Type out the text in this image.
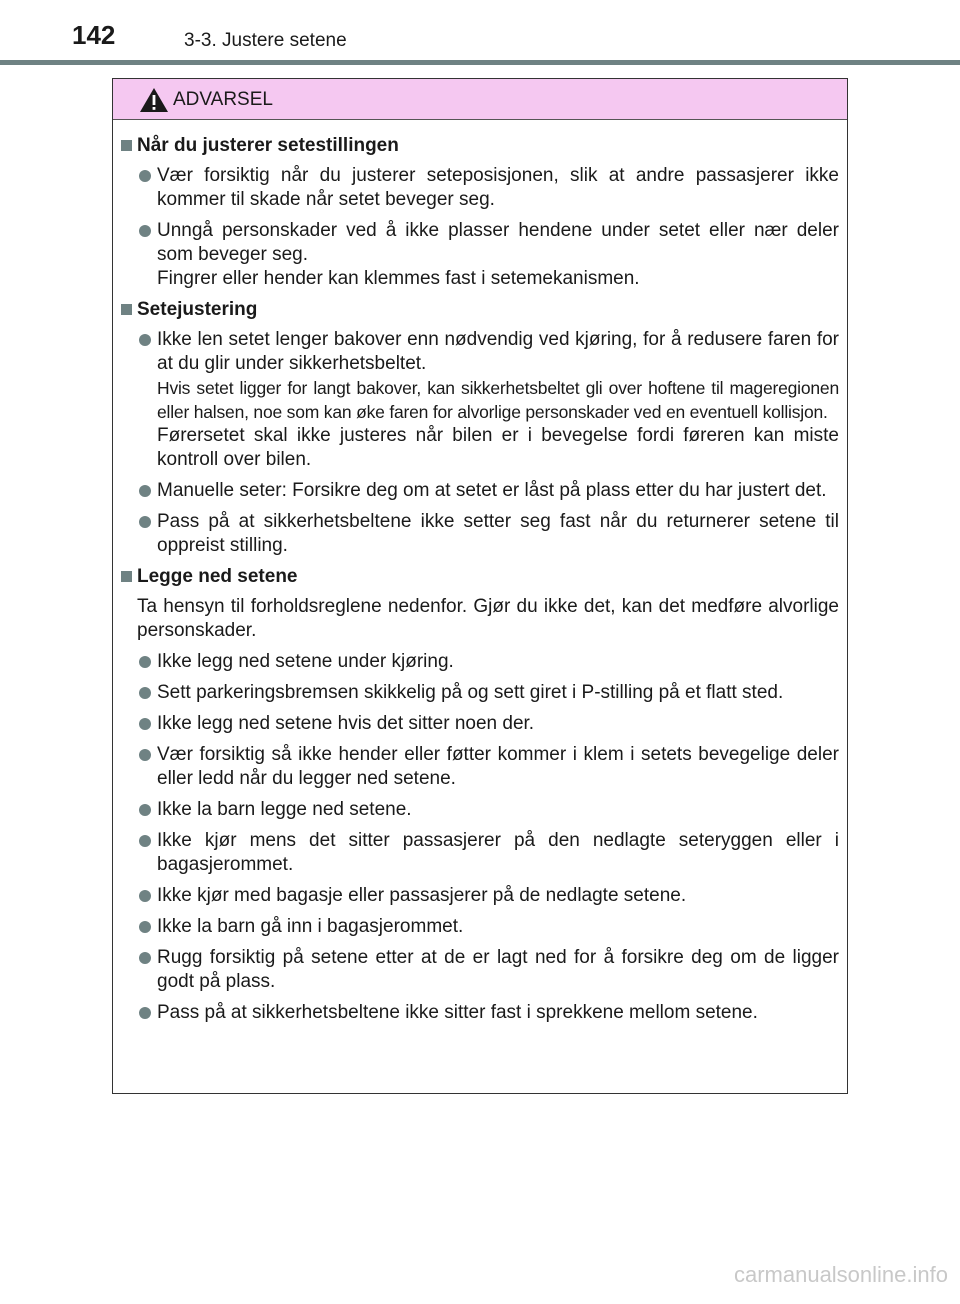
142	3-3. Justere setene
ADVARSEL
Når du justerer setestillingen

Vær forsiktig når du justerer seteposisjonen, slik at andre passasjerer ikke kommer til skade når setet beveger seg.

Unngå personskader ved å ikke plasser hendene under setet eller nær deler som beveger seg.

Fingrer eller hender kan klemmes fast i setemekanismen.

Setejustering

Ikke len setet lenger bakover enn nødvendig ved kjøring, for å redusere faren for at du glir under sikkerhetsbeltet.

Hvis setet ligger for langt bakover, kan sikkerhetsbeltet gli over hoftene til mageregionen eller halsen, noe som kan øke faren for alvorlige personskader ved en eventuell kollisjon.

Førersetet skal ikke justeres når bilen er i bevegelse fordi føreren kan miste kontroll over bilen.

Manuelle seter: Forsikre deg om at setet er låst på plass etter du har justert det.

Pass på at sikkerhetsbeltene ikke setter seg fast når du returnerer setene til oppreist stilling.

Legge ned setene
Ta hensyn til forholdsreglene nedenfor. Gjør du ikke det, kan det medføre alvorlige personskader.

Ikke legg ned setene under kjøring.

Sett parkeringsbremsen skikkelig på og sett giret i P-stilling på et flatt sted.

Ikke legg ned setene hvis det sitter noen der.

Vær forsiktig så ikke hender eller føtter kommer i klem i setets bevegelige deler eller ledd når du legger ned setene.

Ikke la barn legge ned setene.

Ikke kjør mens det sitter passasjerer på den nedlagte seteryggen eller i bagasjerommet.

Ikke kjør med bagasje eller passasjerer på de nedlagte setene.

Ikke la barn gå inn i bagasjerommet.

Rugg forsiktig på setene etter at de er lagt ned for å forsikre deg om de ligger godt på plass.

Pass på at sikkerhetsbeltene ikke sitter fast i sprekkene mellom setene.

carmanualsonline.info
